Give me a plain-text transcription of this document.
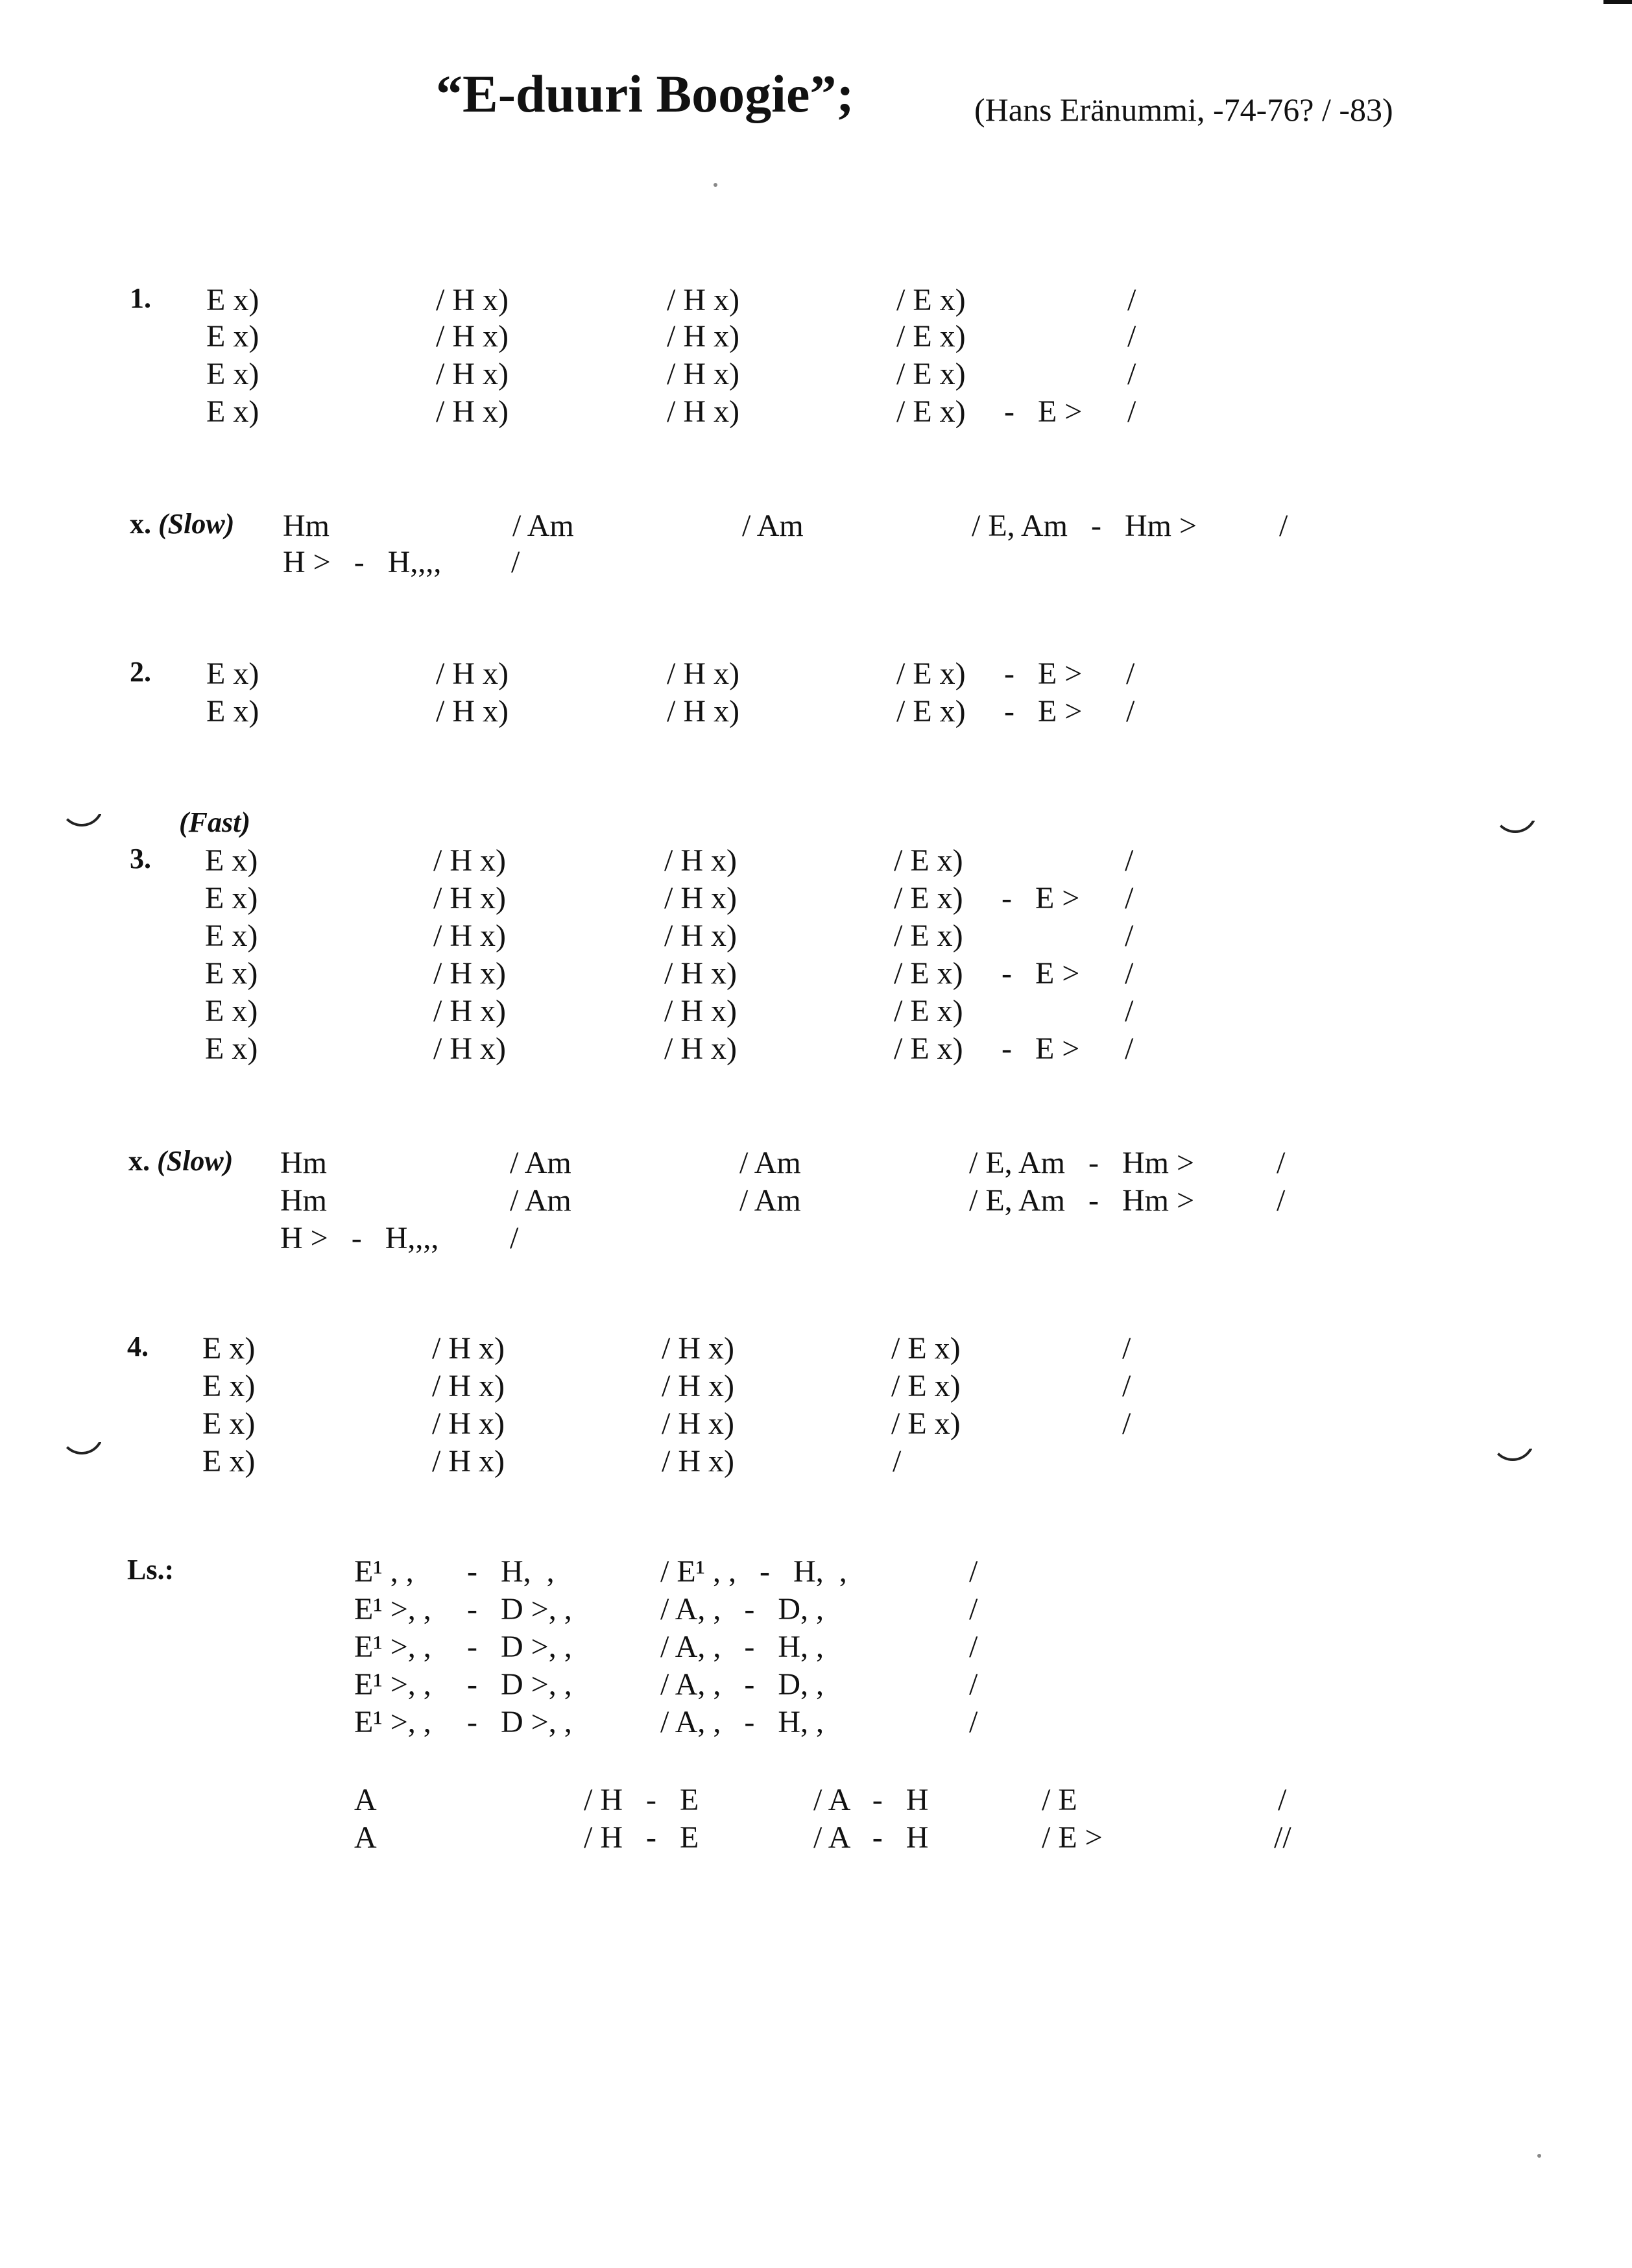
“E-duuri Boogie”;	(Hans Eränummi, -74-76? / -83)
1. E x)	/ H x)	/ H x)	/ E x)	/
E x)	/ H x)	/ H x)	/ E x)	/
E x)	/ H x)	/ H x)	/ E x)	/
E x)	/ H x)	/ H x)	/ E x) -   E > /
x. (Slow) Hm	/ Am	/ Am	/ E, Am   -   Hm >	/
H >   -   H,,,, /
2. E x)	/ H x)	/ H x)	/ E x) -   E > /
E x)	/ H x)	/ H x)	/ E x) -   E > /
(Fast)
3. E x)	/ H x)	/ H x)	/ E x)	/
E x)	/ H x)	/ H x)	/ E x) -   E > /
E x)	/ H x)	/ H x)	/ E x)	/
E x)	/ H x)	/ H x)	/ E x) -   E > /
E x)	/ H x)	/ H x)	/ E x)	/
E x)	/ H x)	/ H x)	/ E x) -   E > /
x. (Slow) Hm	/ Am	/ Am	/ E, Am   -   Hm >	/
Hm	/ Am	/ Am	/ E, Am   -   Hm >	/
H >   -   H,,,, /
4. E x)	/ H x)	/ H x)	/ E x)	/
E x)	/ H x)	/ H x)	/ E x)	/
E x)	/ H x)	/ H x)	/ E x)	/
E x)	/ H x)	/ H x)	/
Ls.:	E¹ , , -   H,  ,	/ E¹ , ,   -   H,  ,	/
E¹ >, , -   D >, ,	/ A, ,   -   D, ,	/
E¹ >, , -   D >, ,	/ A, ,   -   H, ,	/
E¹ >, , -   D >, ,	/ A, ,   -   D, ,	/
E¹ >, , -   D >, ,	/ A, ,   -   H, ,	/
A	/ H   -   E	/ A   -   H	/ E	/
A	/ H   -   E	/ A   -   H	/ E >	//
